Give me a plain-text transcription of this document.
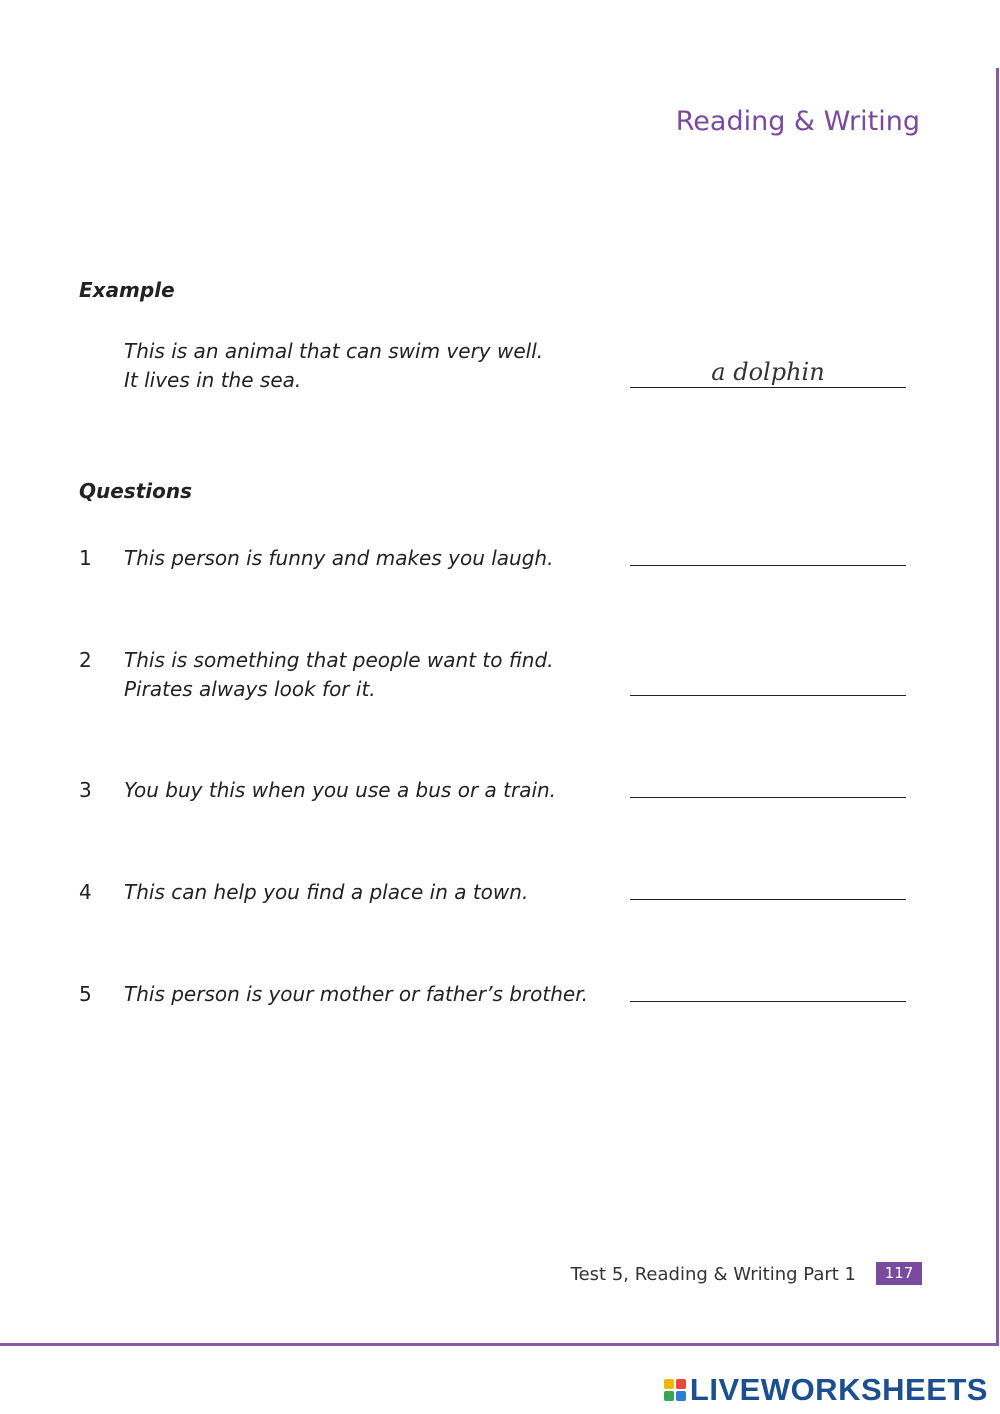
Reading & Writing
Example
This is an animal that can swim very well.
It lives in the sea.	a dolphin
Questions
1 This person is funny and makes you laugh.
2 This is something that people want to find.
Pirates always look for it.
3 You buy this when you use a bus or a train.
4 This can help you find a place in a town.
5 This person is your mother or father’s brother.
Test 5, Reading & Writing Part 1	117
LIVEWORKSHEETS
